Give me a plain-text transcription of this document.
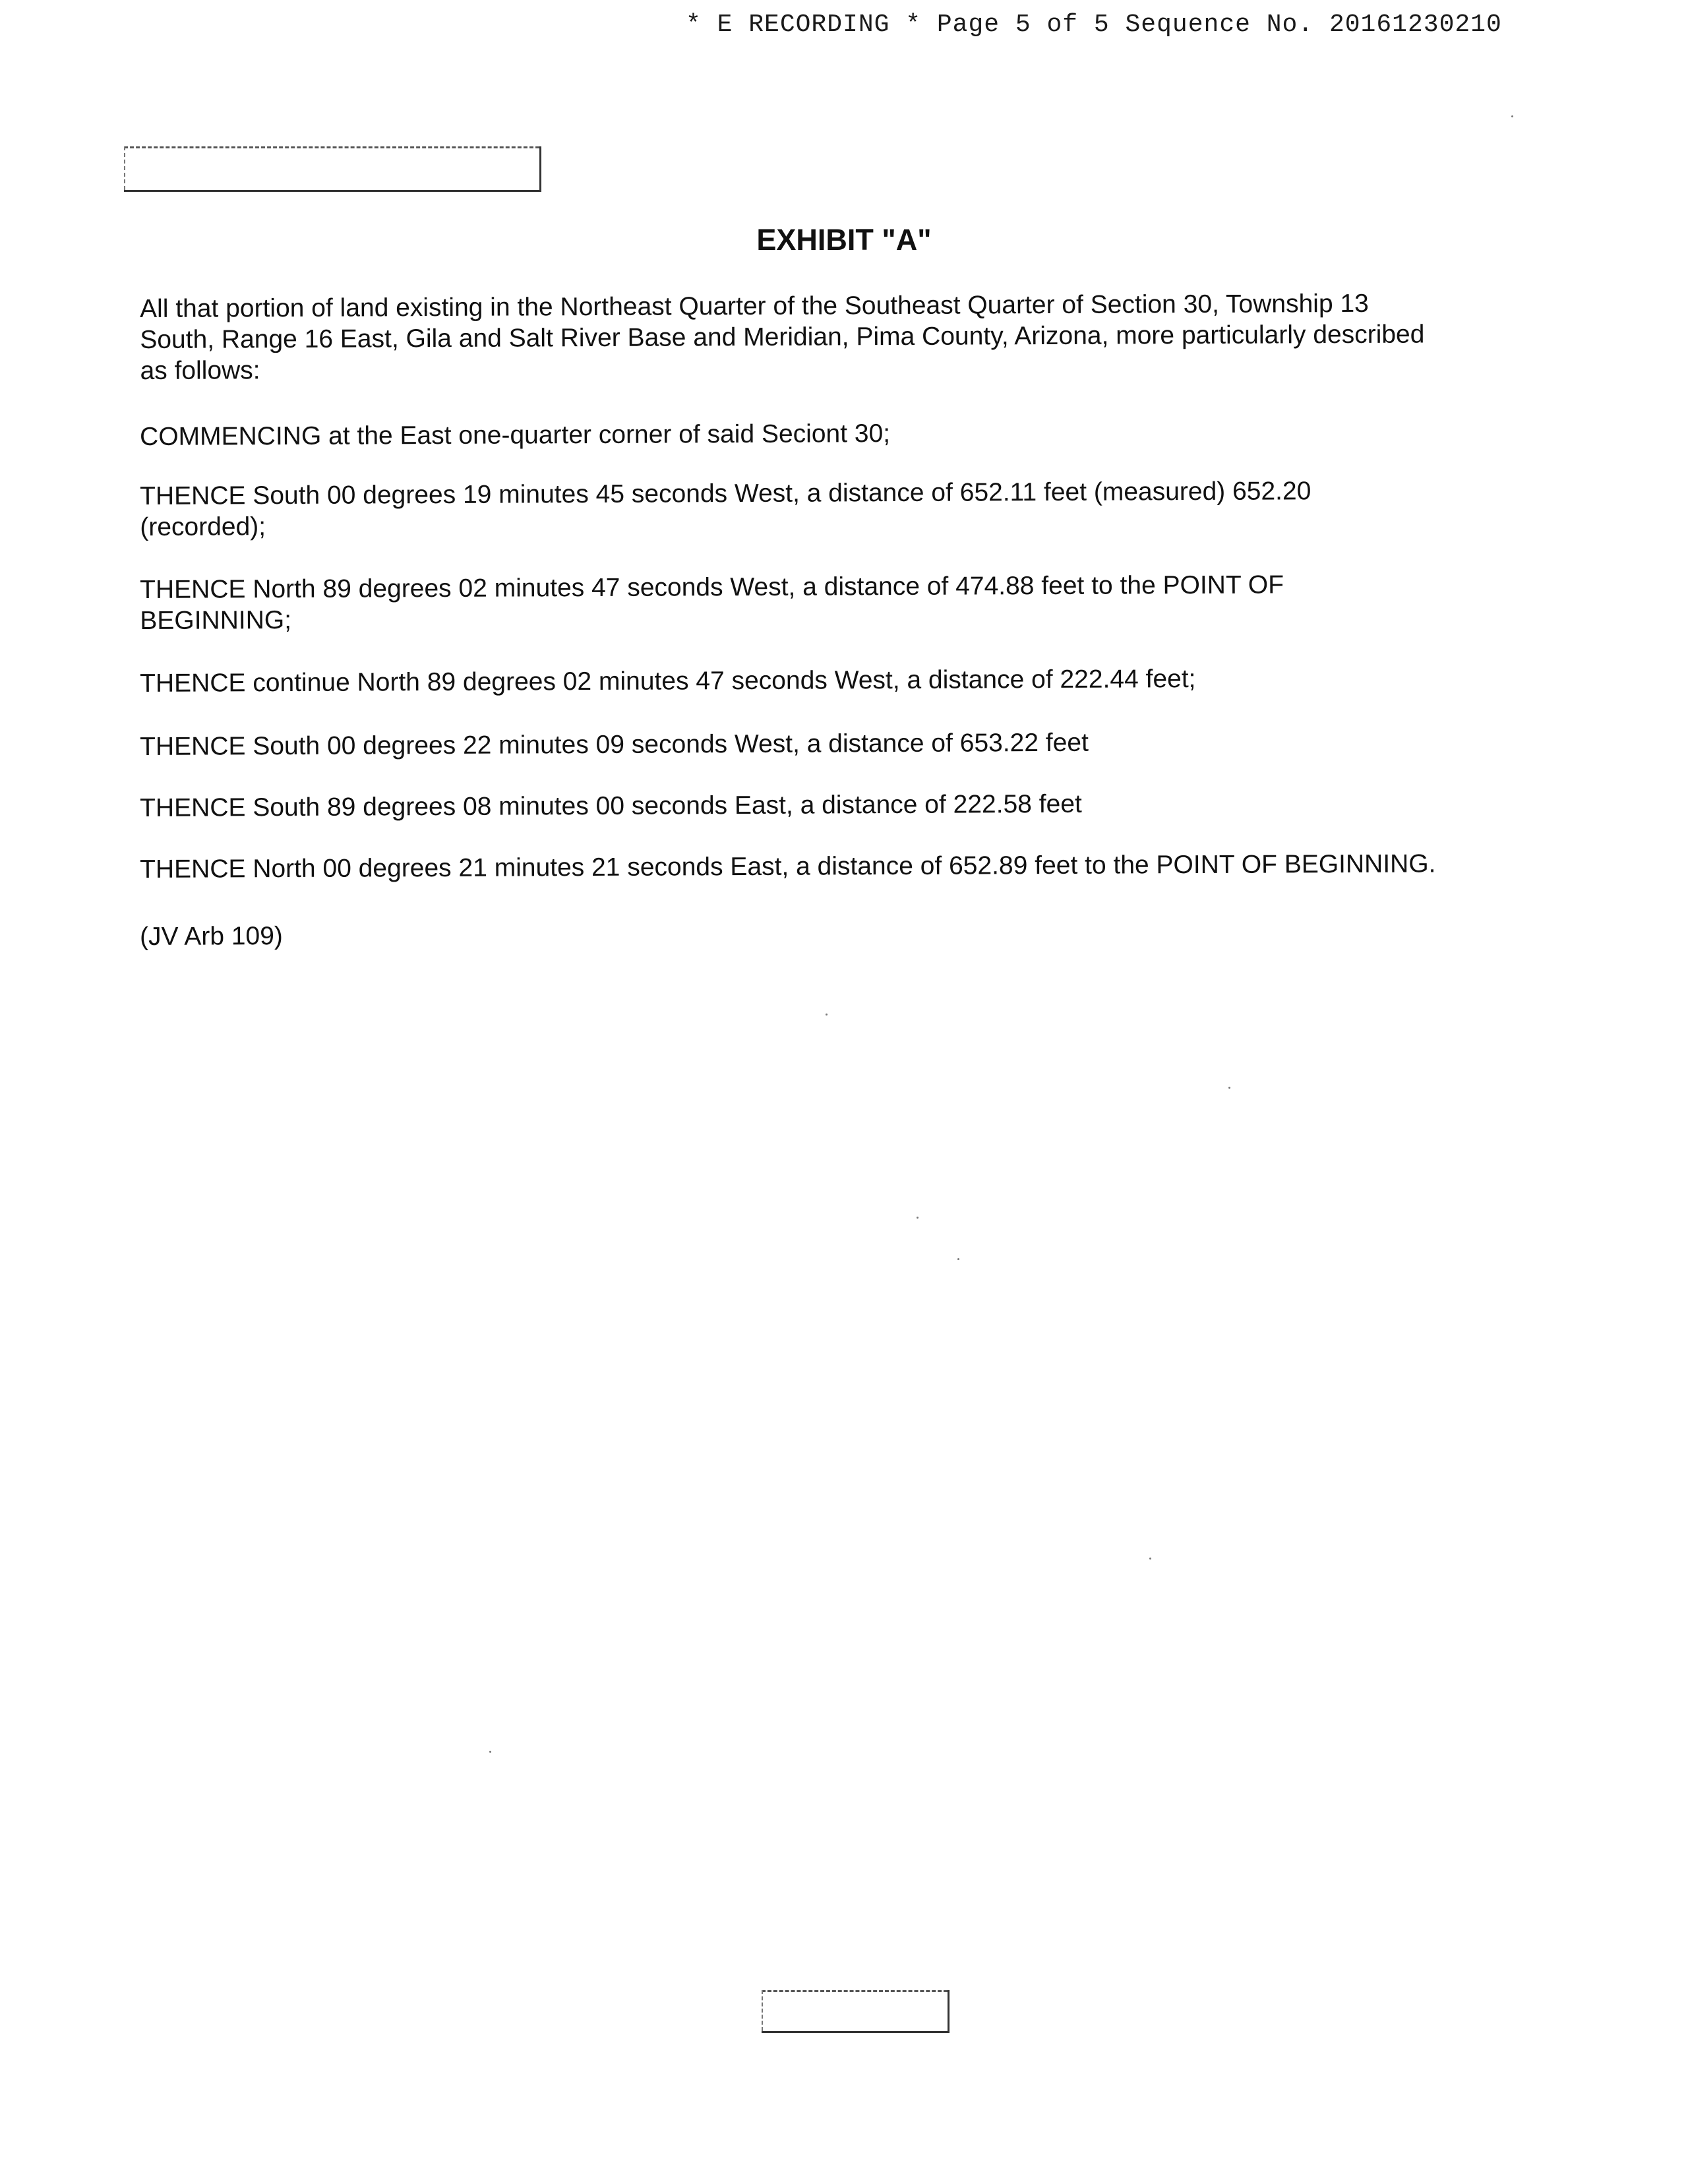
* E RECORDING * Page 5 of 5 Sequence No. 20161230210
EXHIBIT "A"

All that portion of land existing in the Northeast Quarter of the Southeast Quarter of Section 30, Township 13
South, Range 16 East, Gila and Salt River Base and Meridian, Pima County, Arizona, more particularly described
as follows:

COMMENCING at the East one-quarter corner of said Seciont 30;

THENCE South 00 degrees 19 minutes 45 seconds West, a distance of 652.11 feet (measured) 652.20
(recorded);

THENCE North 89 degrees 02 minutes 47 seconds West, a distance of 474.88 feet to the POINT OF
BEGINNING;

THENCE continue North 89 degrees 02 minutes 47 seconds West, a distance of 222.44 feet;

THENCE South 00 degrees 22 minutes 09 seconds West, a distance of 653.22 feet

THENCE South 89 degrees 08 minutes 00 seconds East, a distance of 222.58 feet

THENCE North 00 degrees 21 minutes 21 seconds East, a distance of 652.89 feet to the POINT OF BEGINNING.

(JV Arb 109)
